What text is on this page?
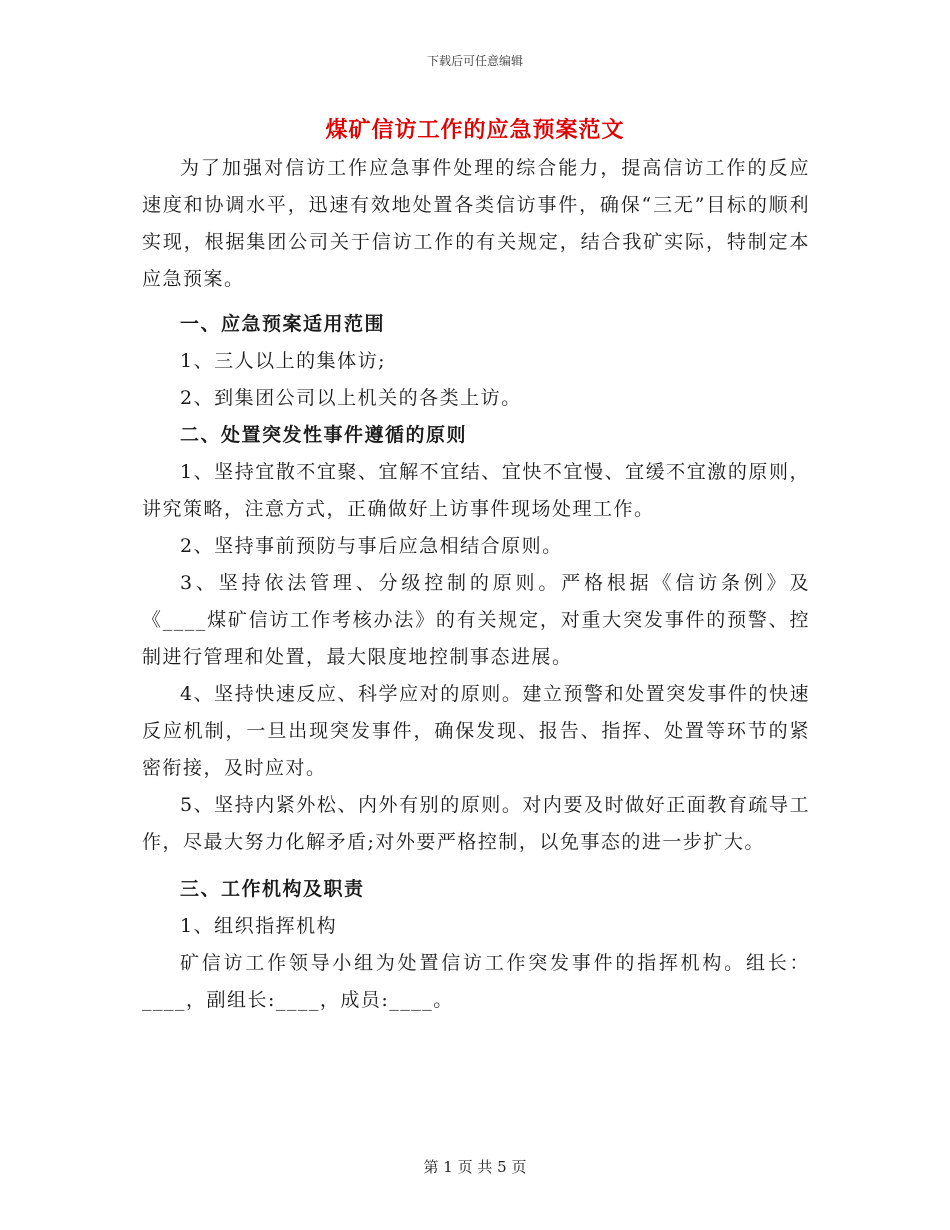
下载后可任意编辑
煤矿信访工作的应急预案范文

为了加强对信访工作应急事件处理的综合能力，提高信访工作的反应速度和协调水平，迅速有效地处置各类信访事件，确保“三无”目标的顺利实现，根据集团公司关于信访工作的有关规定，结合我矿实际，特制定本应急预案。

一、应急预案适用范围

1、三人以上的集体访;

2、到集团公司以上机关的各类上访。

二、处置突发性事件遵循的原则

1、坚持宜散不宜聚、宜解不宜结、宜快不宜慢、宜缓不宜激的原则，讲究策略，注意方式，正确做好上访事件现场处理工作。

2、坚持事前预防与事后应急相结合原则。

3、坚持依法管理、分级控制的原则。严格根据《信访条例》及《____煤矿信访工作考核办法》的有关规定，对重大突发事件的预警、控制进行管理和处置，最大限度地控制事态进展。

4、坚持快速反应、科学应对的原则。建立预警和处置突发事件的快速反应机制，一旦出现突发事件，确保发现、报告、指挥、处置等环节的紧密衔接，及时应对。

5、坚持内紧外松、内外有别的原则。对内要及时做好正面教育疏导工作，尽最大努力化解矛盾;对外要严格控制，以免事态的进一步扩大。

三、工作机构及职责

1、组织指挥机构

矿信访工作领导小组为处置信访工作突发事件的指挥机构。组长：____，副组长:____，成员:____。

第 1 页 共 5 页
